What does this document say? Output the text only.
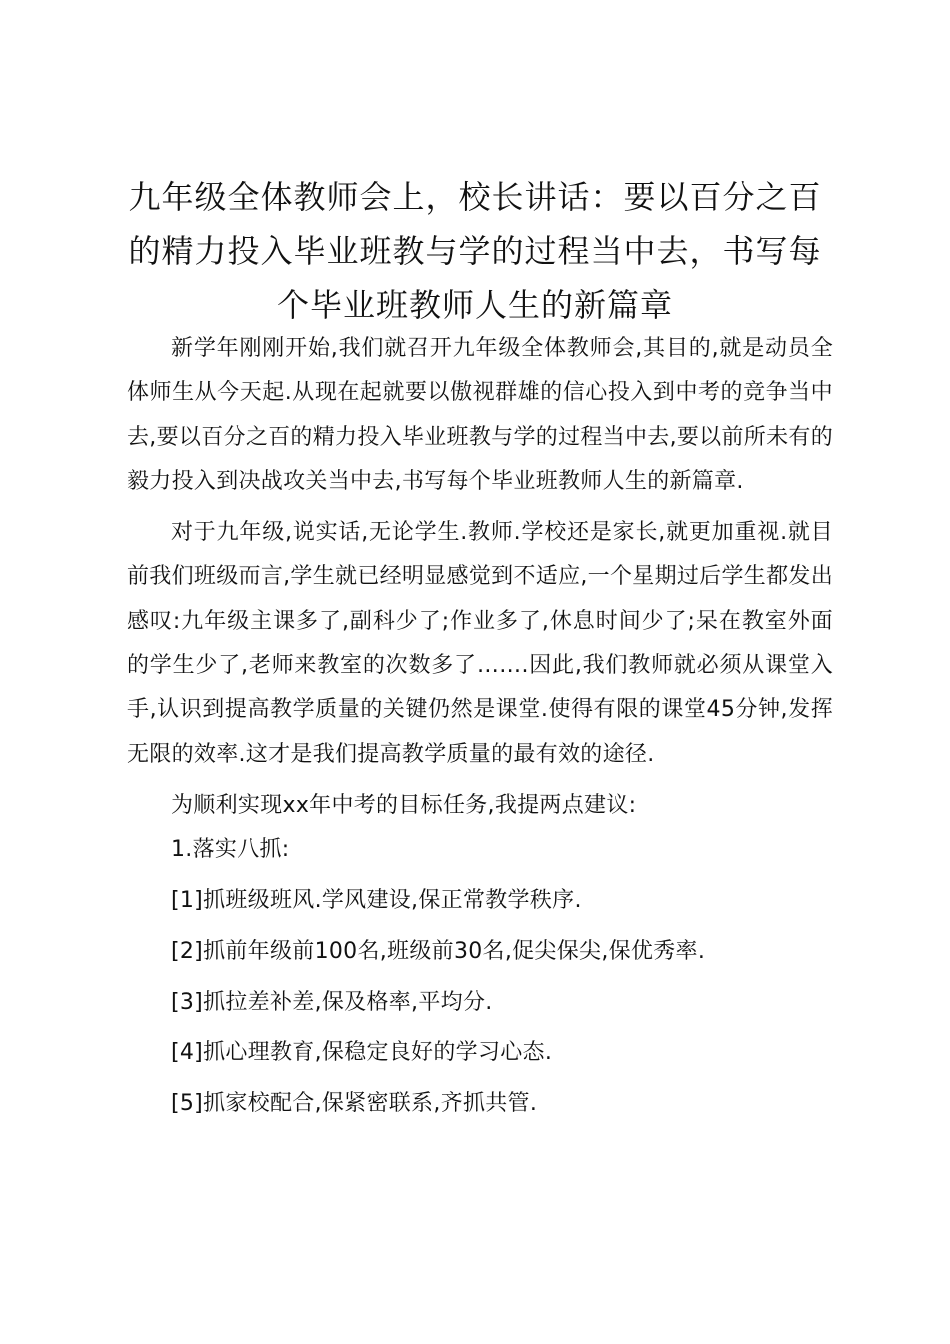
九年级全体教师会上，校长讲话：要以百分之百的精力投入毕业班教与学的过程当中去，书写每个毕业班教师人生的新篇章

新学年刚刚开始,我们就召开九年级全体教师会,其目的,就是动员全体师生从今天起.从现在起就要以傲视群雄的信心投入到中考的竞争当中去,要以百分之百的精力投入毕业班教与学的过程当中去,要以前所未有的毅力投入到决战攻关当中去,书写每个毕业班教师人生的新篇章.

对于九年级,说实话,无论学生.教师.学校还是家长,就更加重视.就目前我们班级而言,学生就已经明显感觉到不适应,一个星期过后学生都发出感叹:九年级主课多了,副科少了;作业多了,休息时间少了;呆在教室外面的学生少了,老师来教室的次数多了…….因此,我们教师就必须从课堂入手,认识到提高教学质量的关键仍然是课堂.使得有限的课堂45分钟,发挥无限的效率.这才是我们提高教学质量的最有效的途径.

为顺利实现xx年中考的目标任务,我提两点建议:

1.落实八抓:

[1]抓班级班风.学风建设,保正常教学秩序.

[2]抓前年级前100名,班级前30名,促尖保尖,保优秀率.

[3]抓拉差补差,保及格率,平均分.

[4]抓心理教育,保稳定良好的学习心态.

[5]抓家校配合,保紧密联系,齐抓共管.
